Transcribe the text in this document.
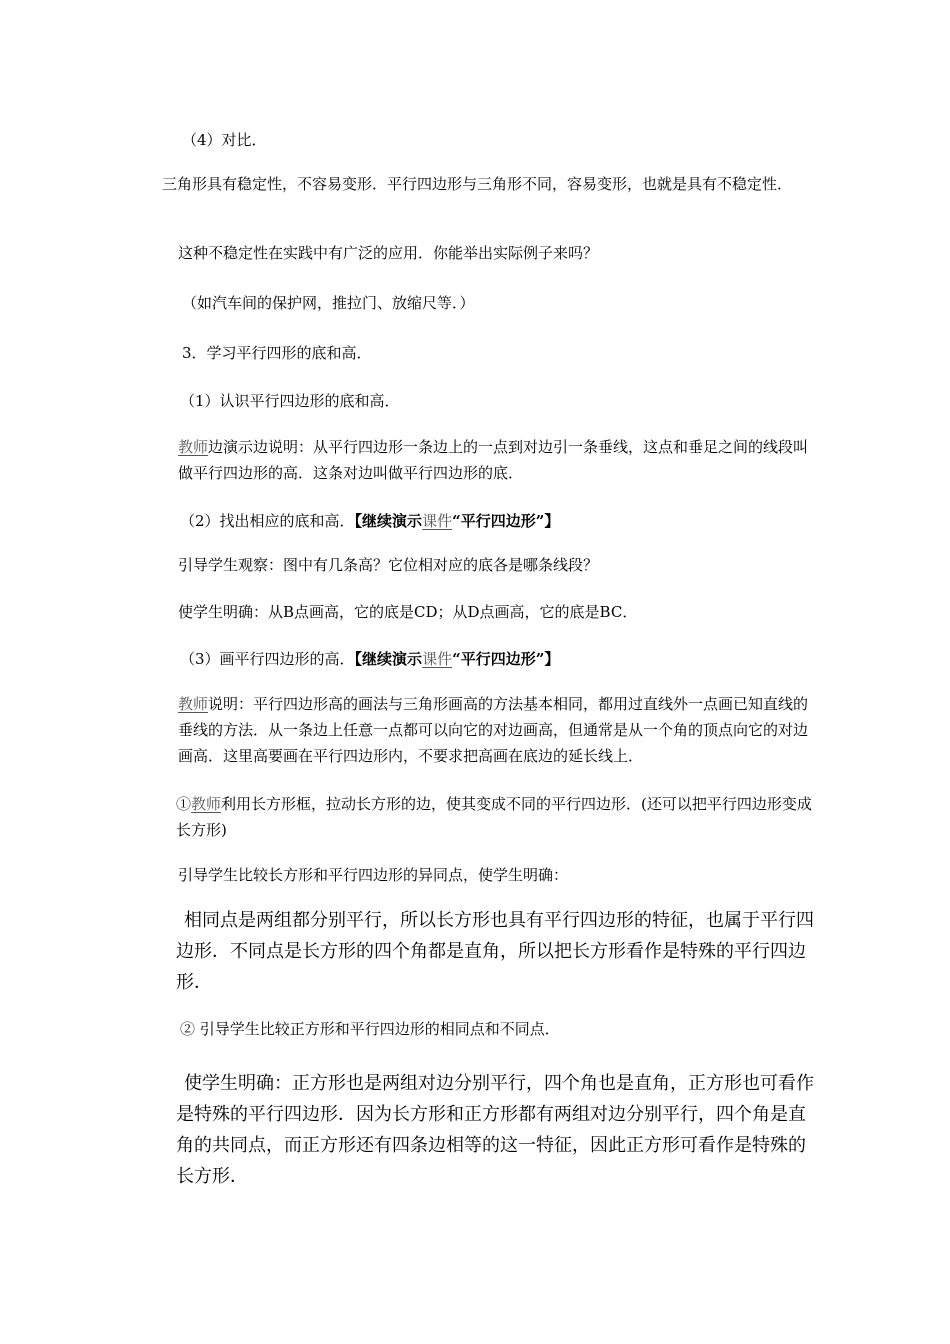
（4）对比．

三角形具有稳定性，不容易变形．平行四边形与三角形不同，容易变形，也就是具有不稳定性．

这种不稳定性在实践中有广泛的应用．你能举出实际例子来吗？

（如汽车间的保护网，推拉门、放缩尺等．）

3．学习平行四形的底和高．

（1）认识平行四边形的底和高．

教师边演示边说明：从平行四边形一条边上的一点到对边引一条垂线，这点和垂足之间的线段叫做平行四边形的高．这条对边叫做平行四边形的底．

（2）找出相应的底和高．【继续演示课件“平行四边形”】

引导学生观察：图中有几条高？它位相对应的底各是哪条线段？

使学生明确：从B点画高，它的底是CD；从D点画高，它的底是BC．

（3）画平行四边形的高．【继续演示课件“平行四边形”】

教师说明：平行四边形高的画法与三角形画高的方法基本相同，都用过直线外一点画已知直线的垂线的方法．从一条边上任意一点都可以向它的对边画高，但通常是从一个角的顶点向它的对边画高．这里高要画在平行四边形内，不要求把高画在底边的延长线上．

①教师利用长方形框，拉动长方形的边，使其变成不同的平行四边形．(还可以把平行四边形变成长方形)

引导学生比较长方形和平行四边形的异同点，使学生明确：

相同点是两组都分别平行，所以长方形也具有平行四边形的特征，也属于平行四边形．不同点是长方形的四个角都是直角，所以把长方形看作是特殊的平行四边形．

② 引导学生比较正方形和平行四边形的相同点和不同点．

使学生明确：正方形也是两组对边分别平行，四个角也是直角，正方形也可看作是特殊的平行四边形．因为长方形和正方形都有两组对边分别平行，四个角是直角的共同点，而正方形还有四条边相等的这一特征，因此正方形可看作是特殊的长方形．
